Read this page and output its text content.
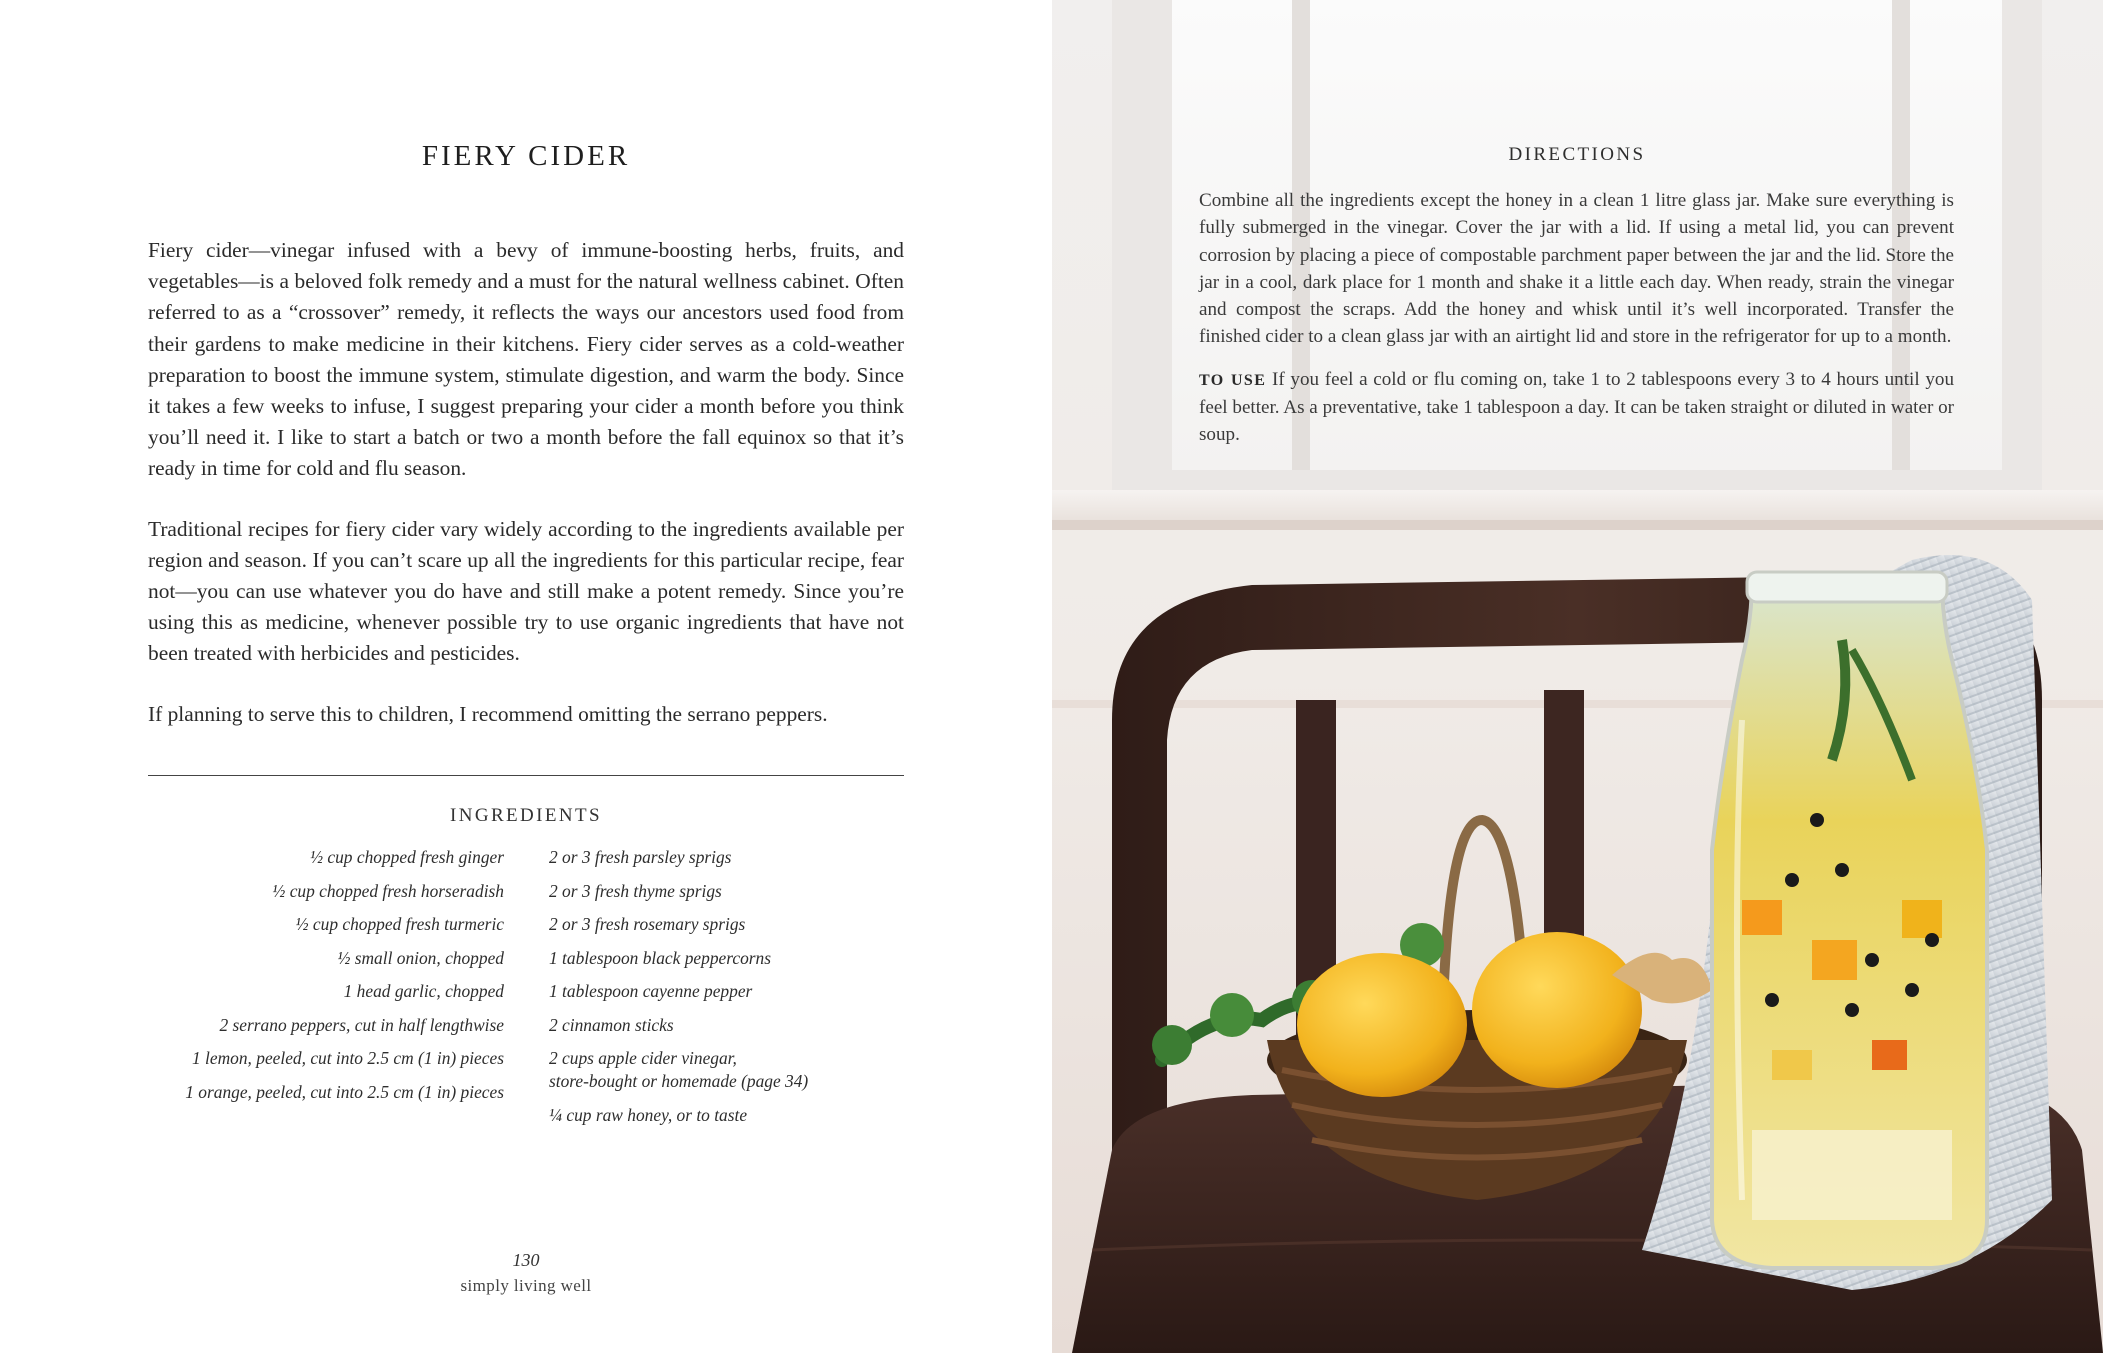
FIERY CIDER

Fiery cider—vinegar infused with a bevy of immune-boosting herbs, fruits, and vegetables—is a beloved folk remedy and a must for the natural wellness cabinet. Often referred to as a “crossover” remedy, it reflects the ways our ancestors used food from their gardens to make medicine in their kitchens. Fiery cider serves as a cold-weather preparation to boost the immune system, stimulate digestion, and warm the body. Since it takes a few weeks to infuse, I suggest preparing your cider a month before you think you’ll need it. I like to start a batch or two a month before the fall equinox so that it’s ready in time for cold and flu season.

Traditional recipes for fiery cider vary widely according to the ingredients available per region and season. If you can’t scare up all the ingredients for this particular recipe, fear not—you can use whatever you do have and still make a potent remedy. Since you’re using this as medicine, whenever possible try to use organic ingredients that have not been treated with herbicides and pesticides.

If planning to serve this to children, I recommend omitting the serrano peppers.

INGREDIENTS
½ cup chopped fresh ginger
½ cup chopped fresh horseradish
½ cup chopped fresh turmeric
½ small onion, chopped
1 head garlic, chopped
2 serrano peppers, cut in half lengthwise
1 lemon, peeled, cut into 2.5 cm (1 in) pieces
1 orange, peeled, cut into 2.5 cm (1 in) pieces
2 or 3 fresh parsley sprigs
2 or 3 fresh thyme sprigs
2 or 3 fresh rosemary sprigs
1 tablespoon black peppercorns
1 tablespoon cayenne pepper
2 cinnamon sticks
2 cups apple cider vinegar,
store-bought or homemade (page 34)
¼ cup raw honey, or to taste
130
simply living well
DIRECTIONS

Combine all the ingredients except the honey in a clean 1 litre glass jar. Make sure everything is fully submerged in the vinegar. Cover the jar with a lid. If using a metal lid, you can prevent corrosion by placing a piece of compostable parchment paper between the jar and the lid. Store the jar in a cool, dark place for 1 month and shake it a little each day. When ready, strain the vinegar and compost the scraps. Add the honey and whisk until it’s well incorporated. Transfer the finished cider to a clean glass jar with an airtight lid and store in the refrigerator for up to a month.

TO USE If you feel a cold or flu coming on, take 1 to 2 tablespoons every 3 to 4 hours until you feel better. As a preventative, take 1 tablespoon a day. It can be taken straight or diluted in water or soup.
